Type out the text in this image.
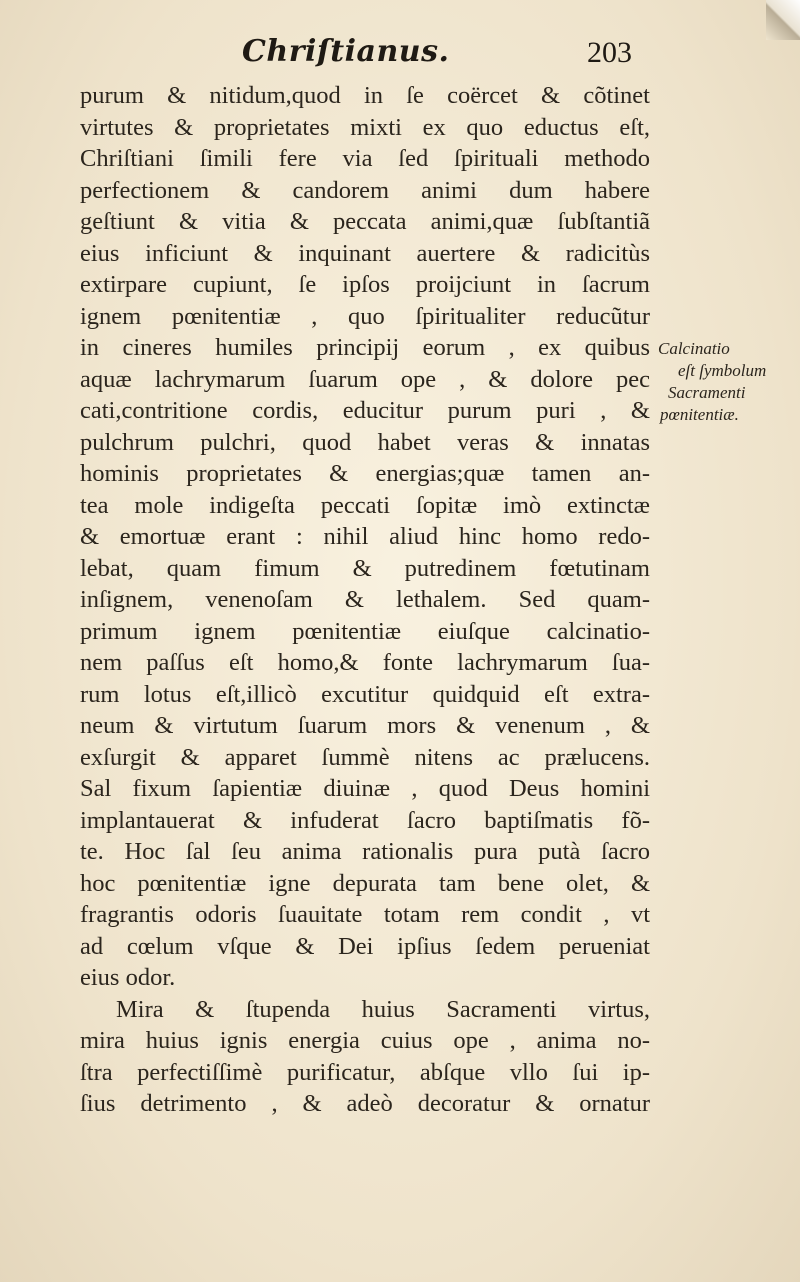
Chriſtianus.	203
purum & nitidum,quod in ſe coërcet & cõtinet
virtutes & proprietates mixti ex quo eductus eſt,
Chriſtiani ſimili fere via ſed ſpirituali methodo
perfectionem & candorem animi dum habere
geſtiunt & vitia & peccata animi,quæ ſubſtantiã
eius inficiunt & inquinant auertere & radicitùs
extirpare cupiunt, ſe ipſos proijciunt in ſacrum
ignem pœnitentiæ , quo ſpiritualiter reducũtur
in cineres humiles principij eorum , ex quibus
aquæ lachrymarum ſuarum ope , & dolore pec
cati,contritione cordis, educitur purum puri , &
pulchrum pulchri, quod habet veras & innatas
hominis proprietates & energias;quæ tamen an-
tea mole indigeſta peccati ſopitæ imò extinctæ
& emortuæ erant : nihil aliud hinc homo redo-
lebat, quam fimum & putredinem fœtutinam
inſignem, venenoſam & lethalem. Sed quam-
primum ignem pœnitentiæ eiuſque calcinatio-
nem paſſus eſt homo,& fonte lachrymarum ſua-
rum lotus eſt,illicò excutitur quidquid eſt extra-
neum & virtutum ſuarum mors & venenum , &
exſurgit & apparet ſummè nitens ac prælucens.
Sal fixum ſapientiæ diuinæ , quod Deus homini
implantauerat & infuderat ſacro baptiſmatis fõ-
te. Hoc ſal ſeu anima rationalis pura putà ſacro
hoc pœnitentiæ igne depurata tam bene olet, &
fragrantis odoris ſuauitate totam rem condit , vt
ad cœlum vſque & Dei ipſius ſedem perueniat
eius odor.
Mira & ſtupenda huius Sacramenti virtus,
mira huius ignis energia cuius ope , anima no-
ſtra perfectiſſimè purificatur, abſque vllo ſui ip-
ſius detrimento , & adeò decoratur & ornatur
Calcinatio
eſt ſymbolum
Sacramenti
pœnitentiæ.
